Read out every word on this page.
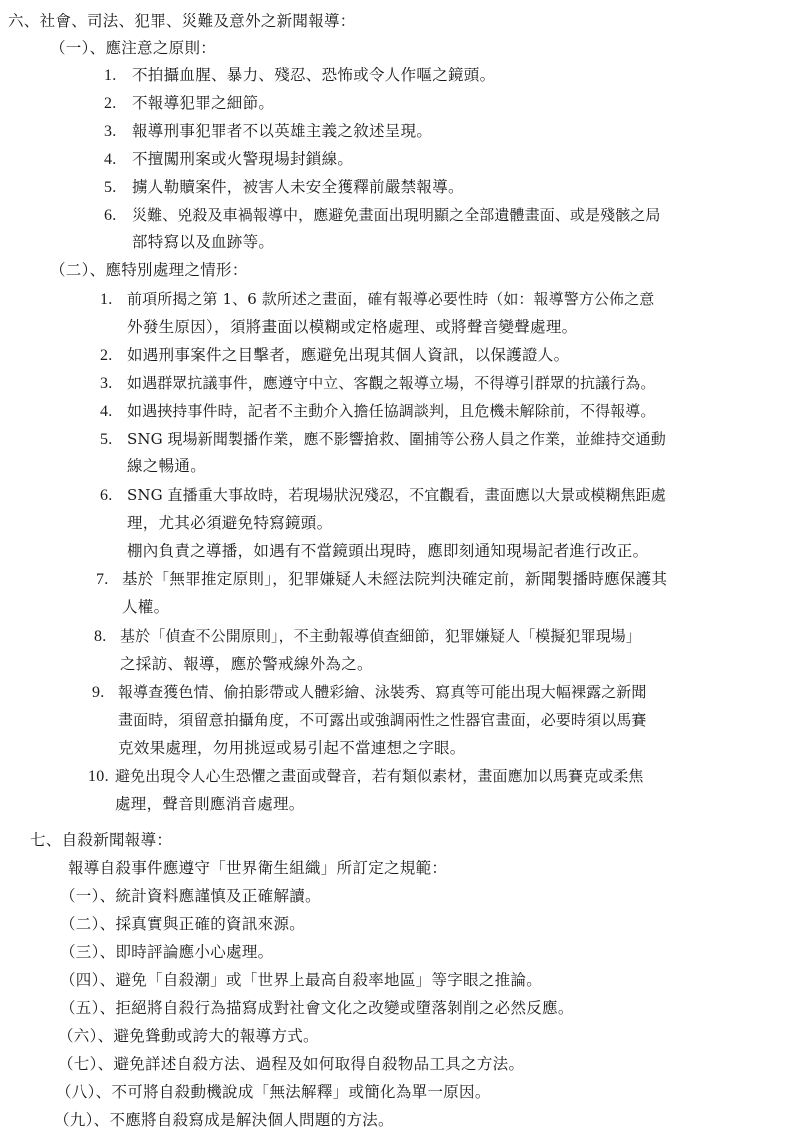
六、社會、司法、犯罪、災難及意外之新聞報導：
（一）、應注意之原則：
1. 不拍攝血腥、暴力、殘忍、恐怖或令人作嘔之鏡頭。
2. 不報導犯罪之細節。
3. 報導刑事犯罪者不以英雄主義之敘述呈現。
4. 不擅闖刑案或火警現場封鎖線。
5. 擄人勒贖案件，被害人未安全獲釋前嚴禁報導。
6. 災難、兇殺及車禍報導中，應避免畫面出現明顯之全部遺體畫面、或是殘骸之局
部特寫以及血跡等。
（二）、應特別處理之情形：
1. 前項所揭之第 1、6 款所述之畫面，確有報導必要性時（如：報導警方公佈之意
外發生原因），須將畫面以模糊或定格處理、或將聲音變聲處理。
2. 如遇刑事案件之目擊者，應避免出現其個人資訊，以保護證人。
3. 如遇群眾抗議事件，應遵守中立、客觀之報導立場，不得導引群眾的抗議行為。
4. 如遇挾持事件時，記者不主動介入擔任協調談判，且危機未解除前，不得報導。
5. SNG 現場新聞製播作業，應不影響搶救、圍捕等公務人員之作業，並維持交通動
線之暢通。
6. SNG 直播重大事故時，若現場狀況殘忍，不宜觀看，畫面應以大景或模糊焦距處
理，尤其必須避免特寫鏡頭。
棚內負責之導播，如遇有不當鏡頭出現時，應即刻通知現場記者進行改正。
7. 基於「無罪推定原則」，犯罪嫌疑人未經法院判決確定前，新聞製播時應保護其
人權。
8. 基於「偵查不公開原則」，不主動報導偵查細節，犯罪嫌疑人「模擬犯罪現場」
之採訪、報導，應於警戒線外為之。
9. 報導查獲色情、偷拍影帶或人體彩繪、泳裝秀、寫真等可能出現大幅裸露之新聞
畫面時，須留意拍攝角度，不可露出或強調兩性之性器官畫面，必要時須以馬賽
克效果處理，勿用挑逗或易引起不當連想之字眼。
10. 避免出現令人心生恐懼之畫面或聲音，若有類似素材，畫面應加以馬賽克或柔焦
處理，聲音則應消音處理。
七、自殺新聞報導：
報導自殺事件應遵守「世界衛生組織」所訂定之規範：
（一）、統計資料應謹慎及正確解讀。
（二）、採真實與正確的資訊來源。
（三）、即時評論應小心處理。
（四）、避免「自殺潮」或「世界上最高自殺率地區」等字眼之推論。
（五）、拒絕將自殺行為描寫成對社會文化之改變或墮落剝削之必然反應。
（六）、避免聳動或誇大的報導方式。
（七）、避免詳述自殺方法、過程及如何取得自殺物品工具之方法。
（八）、不可將自殺動機說成「無法解釋」或簡化為單一原因。
（九）、不應將自殺寫成是解決個人問題的方法。
